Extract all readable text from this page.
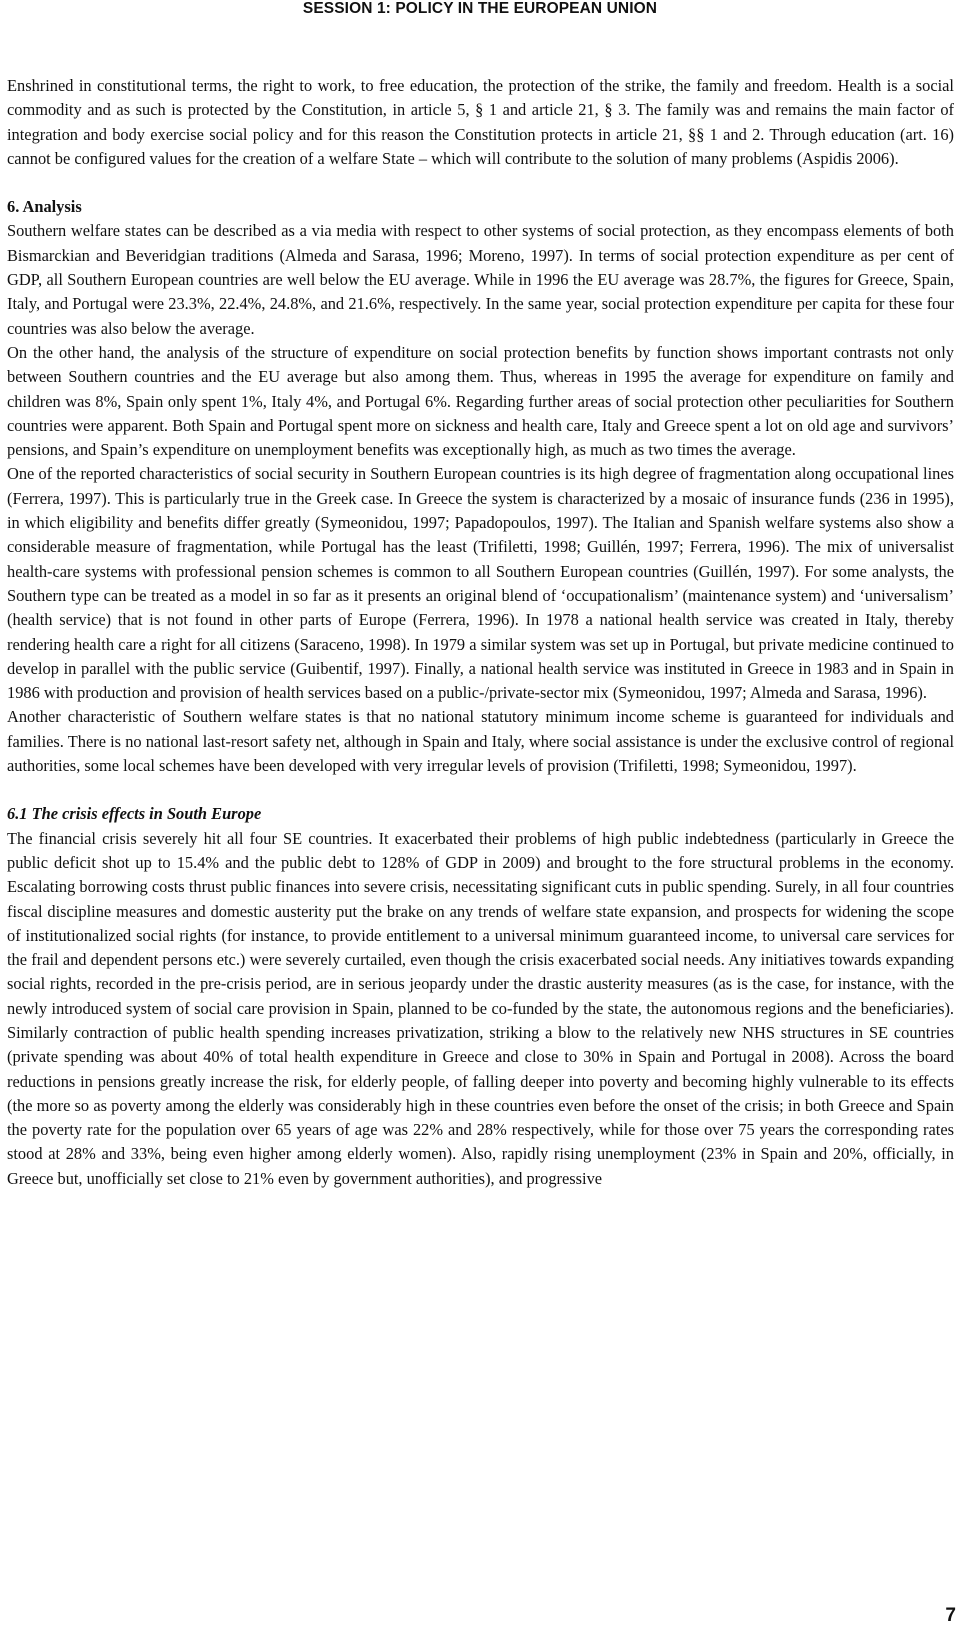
SESSION 1: POLICY IN THE EUROPEAN UNION

Enshrined in constitutional terms, the right to work, to free education, the protection of the strike, the family and freedom. Health is a social commodity and as such is protected by the Constitution, in article 5, § 1 and article 21, § 3. The family was and remains the main factor of integration and body exercise social policy and for this reason the Constitution protects in article 21, §§ 1 and 2. Through education (art. 16) cannot be configured values for the creation of a welfare State – which will contribute to the solution of many problems (Aspidis 2006).

6. Analysis

Southern welfare states can be described as a via media with respect to other systems of social protection, as they encompass elements of both Bismarckian and Beveridgian traditions (Almeda and Sarasa, 1996; Moreno, 1997). In terms of social protection expenditure as per cent of GDP, all Southern European countries are well below the EU average. While in 1996 the EU average was 28.7%, the figures for Greece, Spain, Italy, and Portugal were 23.3%, 22.4%, 24.8%, and 21.6%, respectively. In the same year, social protection expenditure per capita for these four countries was also below the average.

On the other hand, the analysis of the structure of expenditure on social protection benefits by function shows important contrasts not only between Southern countries and the EU average but also among them. Thus, whereas in 1995 the average for expenditure on family and children was 8%, Spain only spent 1%, Italy 4%, and Portugal 6%. Regarding further areas of social protection other peculiarities for Southern countries were apparent. Both Spain and Portugal spent more on sickness and health care, Italy and Greece spent a lot on old age and survivors’ pensions, and Spain’s expenditure on unemployment benefits was exceptionally high, as much as two times the average.

One of the reported characteristics of social security in Southern European countries is its high degree of fragmentation along occupational lines (Ferrera, 1997). This is particularly true in the Greek case. In Greece the system is characterized by a mosaic of insurance funds (236 in 1995), in which eligibility and benefits differ greatly (Symeonidou, 1997; Papadopoulos, 1997). The Italian and Spanish welfare systems also show a considerable measure of fragmentation, while Portugal has the least (Trifiletti, 1998; Guillén, 1997; Ferrera, 1996). The mix of universalist health-care systems with professional pension schemes is common to all Southern European countries (Guillén, 1997). For some analysts, the Southern type can be treated as a model in so far as it presents an original blend of ‘occupationalism’ (maintenance system) and ‘universalism’ (health service) that is not found in other parts of Europe (Ferrera, 1996). In 1978 a national health service was created in Italy, thereby rendering health care a right for all citizens (Saraceno, 1998). In 1979 a similar system was set up in Portugal, but private medicine continued to develop in parallel with the public service (Guibentif, 1997). Finally, a national health service was instituted in Greece in 1983 and in Spain in 1986 with production and provision of health services based on a public-/private-sector mix (Symeonidou, 1997; Almeda and Sarasa, 1996).

Another characteristic of Southern welfare states is that no national statutory minimum income scheme is guaranteed for individuals and families. There is no national last-resort safety net, although in Spain and Italy, where social assistance is under the exclusive control of regional authorities, some local schemes have been developed with very irregular levels of provision (Trifiletti, 1998; Symeonidou, 1997).

6.1 The crisis effects in South Europe

The financial crisis severely hit all four SE countries. It exacerbated their problems of high public indebtedness (particularly in Greece the public deficit shot up to 15.4% and the public debt to 128% of GDP in 2009) and brought to the fore structural problems in the economy. Escalating borrowing costs thrust public finances into severe crisis, necessitating significant cuts in public spending. Surely, in all four countries fiscal discipline measures and domestic austerity put the brake on any trends of welfare state expansion, and prospects for widening the scope of institutionalized social rights (for instance, to provide entitlement to a universal minimum guaranteed income, to universal care services for the frail and dependent persons etc.) were severely curtailed, even though the crisis exacerbated social needs. Any initiatives towards expanding social rights, recorded in the pre-crisis period, are in serious jeopardy under the drastic austerity measures (as is the case, for instance, with the newly introduced system of social care provision in Spain, planned to be co-funded by the state, the autonomous regions and the beneficiaries). Similarly contraction of public health spending increases privatization, striking a blow to the relatively new NHS structures in SE countries (private spending was about 40% of total health expenditure in Greece and close to 30% in Spain and Portugal in 2008). Across the board reductions in pensions greatly increase the risk, for elderly people, of falling deeper into poverty and becoming highly vulnerable to its effects (the more so as poverty among the elderly was considerably high in these countries even before the onset of the crisis; in both Greece and Spain the poverty rate for the population over 65 years of age was 22% and 28% respectively, while for those over 75 years the corresponding rates stood at 28% and 33%, being even higher among elderly women). Also, rapidly rising unemployment (23% in Spain and 20%, officially, in Greece but, unofficially set close to 21% even by government authorities), and progressive

7
